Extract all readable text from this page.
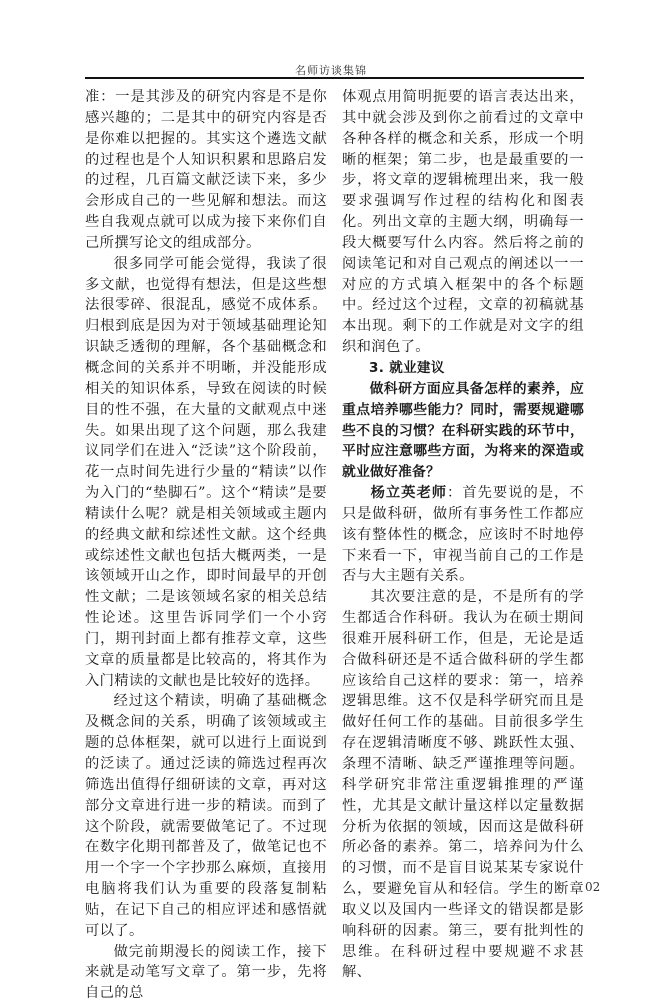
名师访谈集锦

准：一是其涉及的研究内容是不是你感兴趣的；二是其中的研究内容是否是你难以把握的。其实这个遴选文献的过程也是个人知识积累和思路启发的过程，几百篇文献泛读下来，多少会形成自己的一些见解和想法。而这些自我观点就可以成为接下来你们自己所撰写论文的组成部分。

很多同学可能会觉得，我读了很多文献，也觉得有想法，但是这些想法很零碎、很混乱，感觉不成体系。归根到底是因为对于领域基础理论知识缺乏透彻的理解，各个基础概念和概念间的关系并不明晰，并没能形成相关的知识体系，导致在阅读的时候目的性不强，在大量的文献观点中迷失。如果出现了这个问题，那么我建议同学们在进入“泛读”这个阶段前，花一点时间先进行少量的“精读”以作为入门的“垫脚石”。这个“精读”是要精读什么呢？就是相关领域或主题内的经典文献和综述性文献。这个经典或综述性文献也包括大概两类，一是该领域开山之作，即时间最早的开创性文献；二是该领域名家的相关总结性论述。这里告诉同学们一个小窍门，期刊封面上都有推荐文章，这些文章的质量都是比较高的，将其作为入门精读的文献也是比较好的选择。

经过这个精读，明确了基础概念及概念间的关系，明确了该领域或主题的总体框架，就可以进行上面说到的泛读了。通过泛读的筛选过程再次筛选出值得仔细研读的文章，再对这部分文章进行进一步的精读。而到了这个阶段，就需要做笔记了。不过现在数字化期刊都普及了，做笔记也不用一个字一个字抄那么麻烦，直接用电脑将我们认为重要的段落复制粘贴，在记下自己的相应评述和感悟就可以了。

做完前期漫长的阅读工作，接下来就是动笔写文章了。第一步，先将自己的总

体观点用简明扼要的语言表达出来，其中就会涉及到你之前看过的文章中各种各样的概念和关系，形成一个明晰的框架；第二步，也是最重要的一步，将文章的逻辑梳理出来，我一般要求强调写作过程的结构化和图表化。列出文章的主题大纲，明确每一段大概要写什么内容。然后将之前的阅读笔记和对自己观点的阐述以一一对应的方式填入框架中的各个标题中。经过这个过程，文章的初稿就基本出现。剩下的工作就是对文字的组织和润色了。

3. 就业建议

做科研方面应具备怎样的素养，应重点培养哪些能力？同时，需要规避哪些不良的习惯？在科研实践的环节中，平时应注意哪些方面，为将来的深造或就业做好准备？

杨立英老师：首先要说的是，不只是做科研，做所有事务性工作都应该有整体性的概念，应该时不时地停下来看一下，审视当前自己的工作是否与大主题有关系。

其次要注意的是，不是所有的学生都适合作科研。我认为在硕士期间很难开展科研工作，但是，无论是适合做科研还是不适合做科研的学生都应该给自己这样的要求：第一，培养逻辑思维。这不仅是科学研究而且是做好任何工作的基础。目前很多学生存在逻辑清晰度不够、跳跃性太强、条理不清晰、缺乏严谨推理等问题。科学研究非常注重逻辑推理的严谨性，尤其是文献计量这样以定量数据分析为依据的领域，因而这是做科研所必备的素养。第二，培养问为什么的习惯，而不是盲目说某某专家说什么，要避免盲从和轻信。学生的断章取义以及国内一些译文的错误都是影响科研的因素。第三，要有批判性的思维。在科研过程中要规避不求甚解、

02
